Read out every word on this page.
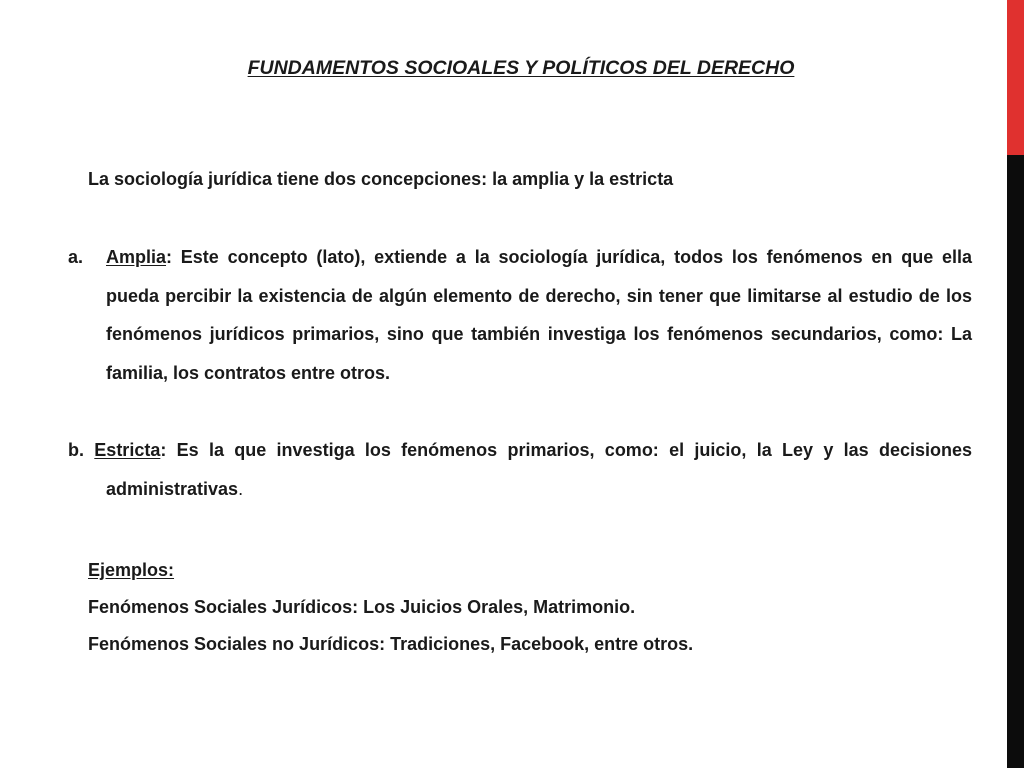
FUNDAMENTOS SOCIOALES Y POLÍTICOS DEL DERECHO
La sociología jurídica tiene dos concepciones: la amplia y la estricta
a. Amplia: Este concepto (lato), extiende a la sociología jurídica, todos los fenómenos en que ella pueda percibir la existencia de algún elemento de derecho, sin tener que limitarse al estudio de los fenómenos jurídicos primarios, sino que también investiga los fenómenos secundarios, como: La familia, los contratos entre otros.
b. Estricta: Es la que investiga los fenómenos primarios, como: el juicio, la Ley y las decisiones administrativas.
Ejemplos:
Fenómenos Sociales Jurídicos: Los Juicios Orales, Matrimonio.
Fenómenos Sociales no Jurídicos: Tradiciones, Facebook, entre otros.
